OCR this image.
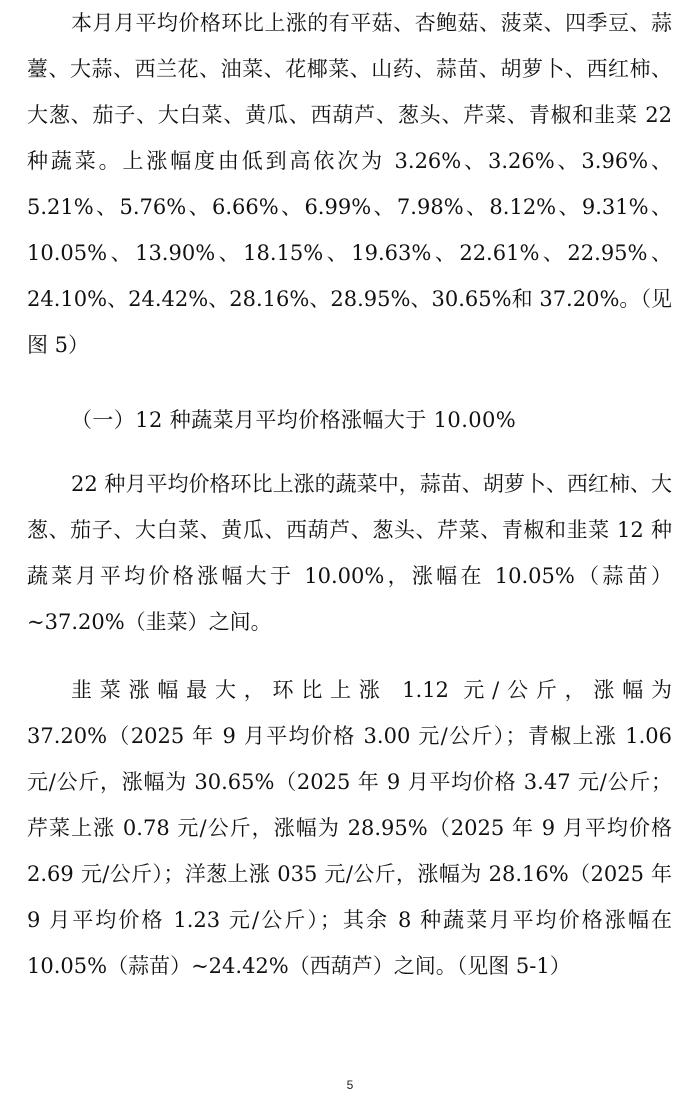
本月月平均价格环比上涨的有平菇、杏鲍菇、菠菜、四季豆、蒜薹、大蒜、西兰花、油菜、花椰菜、山药、蒜苗、胡萝卜、西红柿、大葱、茄子、大白菜、黄瓜、西葫芦、葱头、芹菜、青椒和韭菜 22 种蔬菜。上涨幅度由低到高依次为 3.26%、3.26%、3.96%、5.21%、5.76%、6.66%、6.99%、7.98%、8.12%、9.31%、10.05%、13.90%、18.15%、19.63%、22.61%、22.95%、24.10%、24.42%、28.16%、28.95%、30.65%和 37.20%。（见图 5）

（一）12 种蔬菜月平均价格涨幅大于 10.00%

22 种月平均价格环比上涨的蔬菜中，蒜苗、胡萝卜、西红柿、大葱、茄子、大白菜、黄瓜、西葫芦、葱头、芹菜、青椒和韭菜 12 种蔬菜月平均价格涨幅大于 10.00%，涨幅在 10.05%（蒜苗）~37.20%（韭菜）之间。

韭菜涨幅最大，环比上涨 1.12 元/公斤，涨幅为 37.20%（2025 年 9 月平均价格 3.00 元/公斤）；青椒上涨 1.06 元/公斤，涨幅为 30.65%（2025 年 9 月平均价格 3.47 元/公斤；芹菜上涨 0.78 元/公斤，涨幅为 28.95%（2025 年 9 月平均价格 2.69 元/公斤）；洋葱上涨 035 元/公斤，涨幅为 28.16%（2025 年 9 月平均价格 1.23 元/公斤）；其余 8 种蔬菜月平均价格涨幅在 10.05%（蒜苗）~24.42%（西葫芦）之间。（见图 5-1）

5
